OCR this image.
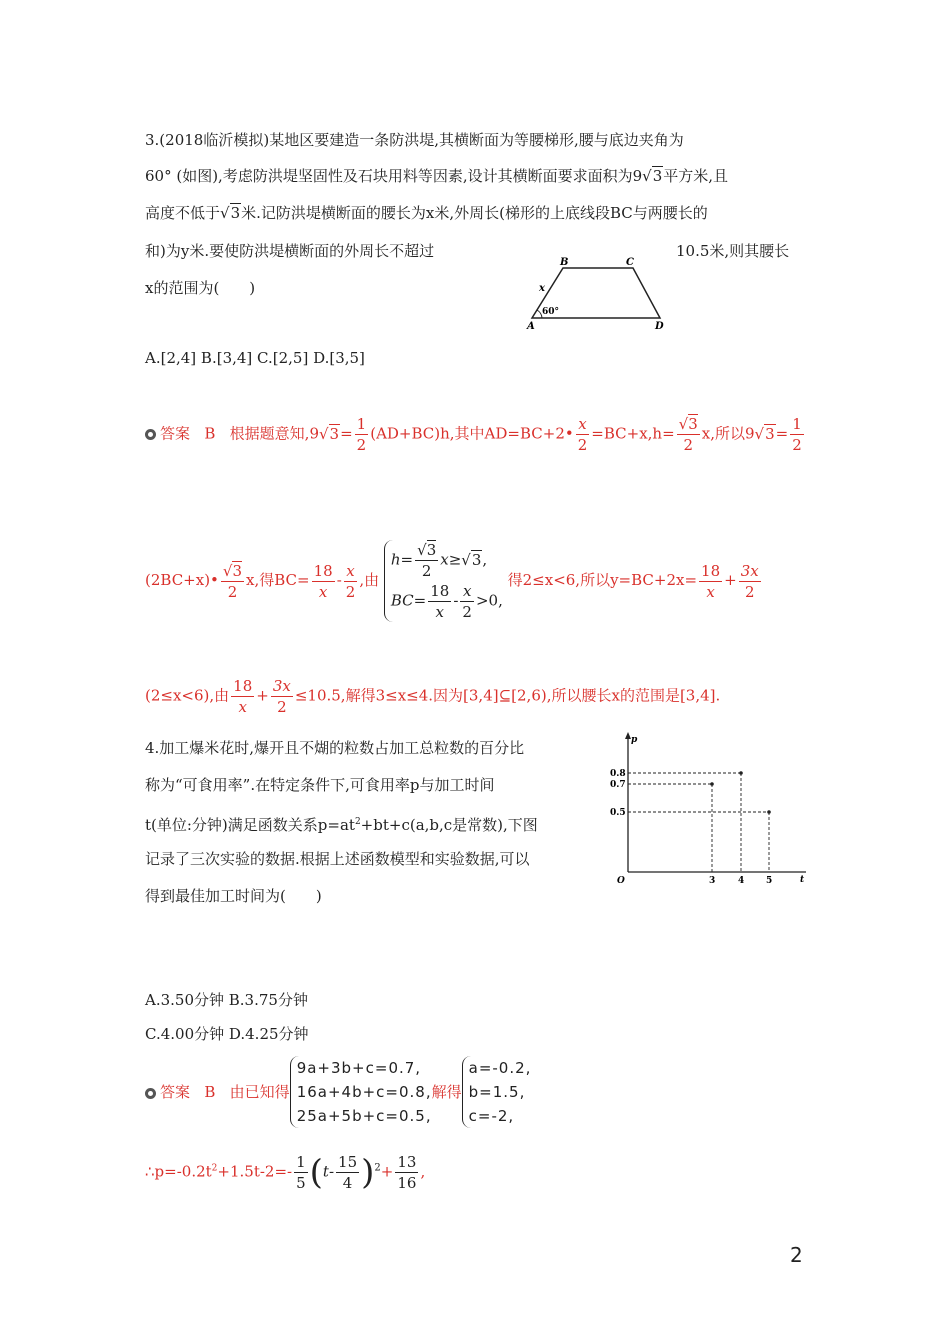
3.(2018临沂模拟)某地区要建造一条防洪堤,其横断面为等腰梯形,腰与底边夹角为
60° (如图),考虑防洪堤坚固性及石块用料等因素,设计其横断面要求面积为9√3平方米,且
高度不低于√3米.记防洪堤横断面的腰长为x米,外周长(梯形的上底线段BC与两腰长的
和)为y米.要使防洪堤横断面的外周长不超过	10.5米,则其腰长
x的范围为(　　)
B	C
A	D
x
60°
A.[2,4] B.[3,4] C.[2,5] D.[3,5]
答案 B 根据题意知$,9√3= \frac{1}{2} (AD+BC)h$,其中AD=BC+2• $\frac{x}{2} =BC+x,h= \frac{√3}{2} x$,所以$9√3= \frac{1}{2}$
(2BC+x)• $\frac{√3}{2} x$,得$BC= \frac{18}{x} - \frac{x}{2}$ ,由
$h= \frac{√3}{2} x\ge√3$,
$BC= \frac{18}{x} - \frac{x}{2} >0$,
得2≤x<6,所以$y=BC+2x= \frac{18}{x} + \frac{3x}{2}$
(2≤x<6),由 $\frac{18}{x} + \frac{3x}{2} \le 10.5$,解得3≤x≤4.因为[3,4]⊆[2,6),所以腰长x的范围是[3,4].
4.加工爆米花时,爆开且不煳的粒数占加工总粒数的百分比
称为“可食用率”.在特定条件下,可食用率p与加工时间
t(单位:分钟)满足函数关系$p=at^2+bt+c(a,b,c$是常数),下图
记录了三次实验的数据.根据上述函数模型和实验数据,可以
得到最佳加工时间为(　　)
p
t
O
0.8
0.7
0.5
3	4 5
A.3.50分钟 B.3.75分钟
C.4.00分钟 D.4.25分钟
答案 B 由已知得
9a+3b+c=0.7,
16a+4b+c=0.8,
25a+5b+c=0.5,
解得
a=-0.2,
b=1.5,
c=-2,
$\therefore p=-0.2t^2+1.5t-2=- \frac{1}{5} (t- \frac{15}{4} )^2+ \frac{13}{16}$ ,
2
